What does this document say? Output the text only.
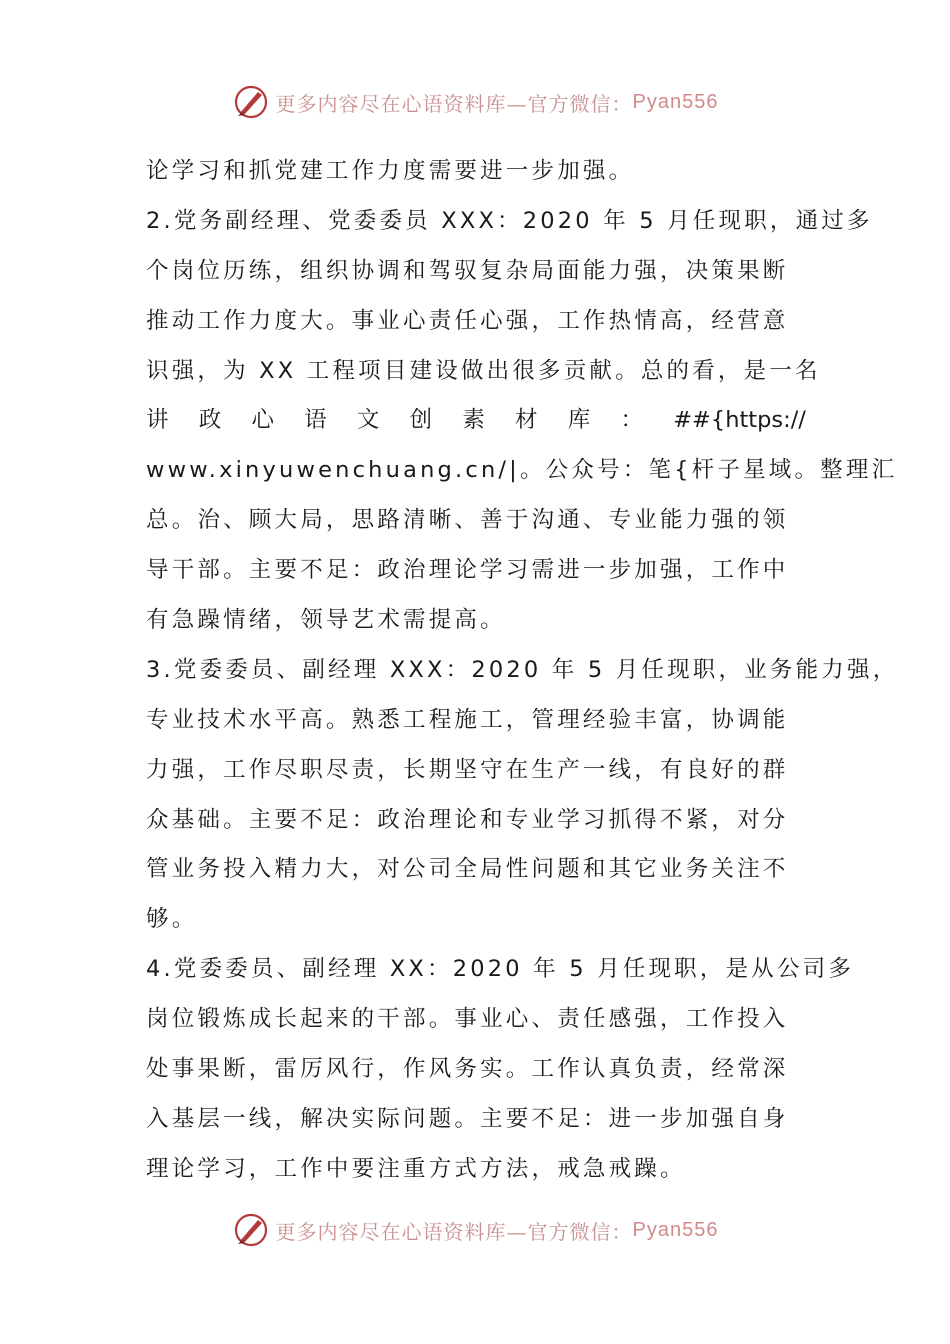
更多内容尽在心语资料库—官方微信： Pyan556
论学习和抓党建工作力度需要进一步加强。
2.党务副经理、党委委员 XXX：2020 年 5 月任现职，通过多
个岗位历练，组织协调和驾驭复杂局面能力强，决策果断
推动工作力度大。事业心责任心强，工作热情高，经营意
识强，为 XX 工程项目建设做出很多贡献。总的看，是一名
讲 政 心 语 文 创 素 材 库 ： ##{https://
www.xinyuwenchuang.cn/|。公众号：笔{杆子星域。整理汇
总。治、顾大局，思路清晰、善于沟通、专业能力强的领
导干部。主要不足：政治理论学习需进一步加强，工作中
有急躁情绪，领导艺术需提高。
3.党委委员、副经理 XXX：2020 年 5 月任现职，业务能力强，
专业技术水平高。熟悉工程施工，管理经验丰富，协调能
力强，工作尽职尽责，长期坚守在生产一线，有良好的群
众基础。主要不足：政治理论和专业学习抓得不紧，对分
管业务投入精力大，对公司全局性问题和其它业务关注不
够。
4.党委委员、副经理 XX：2020 年 5 月任现职，是从公司多
岗位锻炼成长起来的干部。事业心、责任感强，工作投入
处事果断，雷厉风行，作风务实。工作认真负责，经常深
入基层一线，解决实际问题。主要不足：进一步加强自身
理论学习，工作中要注重方式方法，戒急戒躁。
更多内容尽在心语资料库—官方微信： Pyan556
